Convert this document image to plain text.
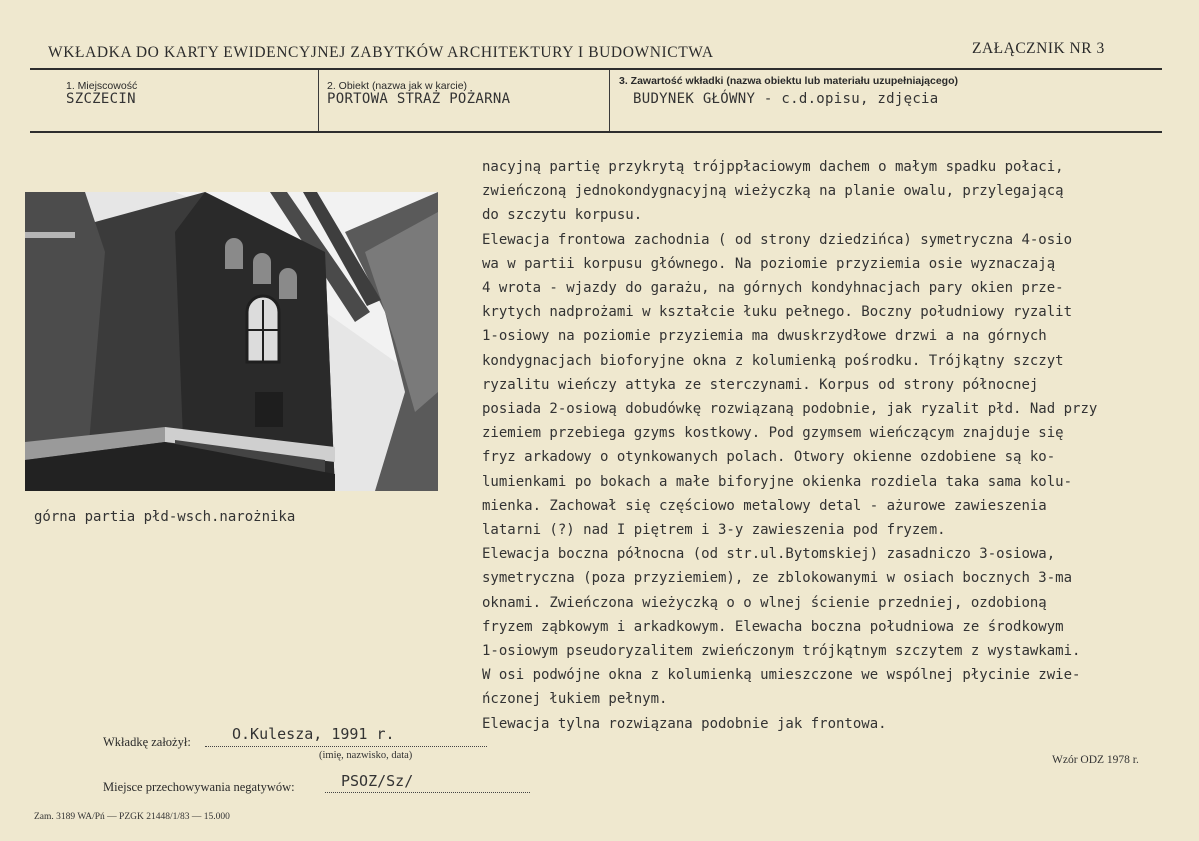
WKŁADKA DO KARTY EWIDENCYJNEJ ZABYTKÓW ARCHITEKTURY I BUDOWNICTWA	ZAŁĄCZNIK NR 3
1. Miejscowość
SZCZECIN
2. Obiekt (nazwa jak w karcie)
PORTOWA STRAŻ POŻARNA
3. Zawartość wkładki (nazwa obiektu lub materiału uzupełniającego)
BUDYNEK GŁÓWNY - c.d.opisu, zdjęcia
górna partia płd-wsch.narożnika
nacyjną partię przykrytą trójppłaciowym dachem o małym spadku połaci,
zwieńczoną jednokondygnacyjną wieżyczką na planie owalu, przylegającą
do szczytu korpusu.
Elewacja frontowa zachodnia ( od strony dziedzińca) symetryczna 4-osio
wa w partii korpusu głównego. Na poziomie przyziemia osie wyznaczają
4 wrota - wjazdy do garażu, na górnych kondyhnacjach pary okien prze-
krytych nadprożami w kształcie łuku pełnego. Boczny południowy ryzalit
1-osiowy na poziomie przyziemia ma dwuskrzydłowe drzwi a na górnych
kondygnacjach bioforyjne okna z kolumienką pośrodku. Trójkątny szczyt
ryzalitu wieńczy attyka ze sterczynami. Korpus od strony północnej
posiada 2-osiową dobudówkę rozwiązaną podobnie, jak ryzalit płd. Nad przy
ziemiem przebiega gzyms kostkowy. Pod gzymsem wieńczącym znajduje się
fryz arkadowy o otynkowanych polach. Otwory okienne ozdobiene są ko-
lumienkami po bokach a małe biforyjne okienka rozdiela taka sama kolu-
mienka. Zachował się częściowo metalowy detal - ażurowe zawieszenia
latarni (?) nad I piętrem i 3-y zawieszenia pod fryzem.
Elewacja boczna północna (od str.ul.Bytomskiej) zasadniczo 3-osiowa,
symetryczna (poza przyziemiem), ze zblokowanymi w osiach bocznych 3-ma
oknami. Zwieńczona wieżyczką o o wlnej ścienie przedniej, ozdobioną
fryzem ząbkowym i arkadkowym. Elewacha boczna południowa ze środkowym
1-osiowym pseudoryzalitem zwieńczonym trójkątnym szczytem z wystawkami.
W osi podwójne okna z kolumienką umieszczone we wspólnej płycinie zwie-
ńczonej łukiem pełnym.
Elewacja tylna rozwiązana podobnie jak frontowa.
Wkładkę założył:	O.Kulesza, 1991 r.
(imię, nazwisko, data)
Miejsce przechowywania negatywów:	PSOZ/Sz/
Wzór ODZ 1978 r.
Zam. 3189 WA/Pń — PZGK 21448/1/83 — 15.000
